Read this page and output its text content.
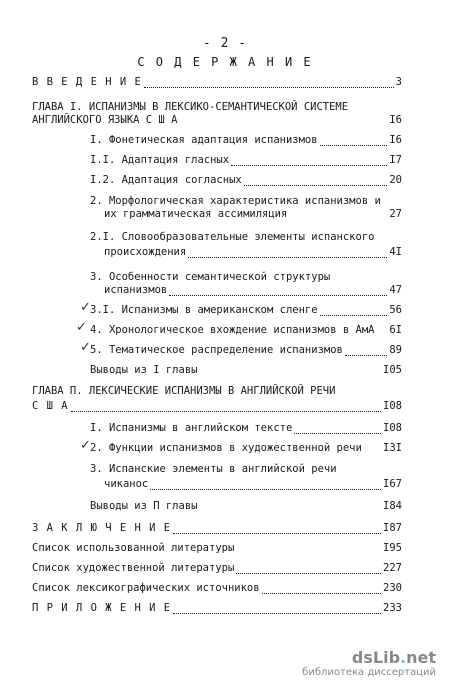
- 2 -
С О Д Е Р Ж А Н И Е
В В Е Д Е Н И Е	3
ГЛАВА I. ИСПАНИЗМЫ В ЛЕКСИКО-СЕМАНТИЧЕСКОЙ СИСТЕМЕ
АНГЛИЙСКОГО ЯЗЫКА С Ш А	I6
I. Фонетическая адаптация испанизмов	I6
I.I. Адаптация гласных	I7
I.2. Адаптация согласных	20
2. Морфологическая характеристика испанизмов и
их грамматическая ассимиляция	27
2.I. Словообразовательные элементы испанского
происхождения	4I
3. Особенности семантической структуры
испанизмов	47
3.I. Испанизмы в американском сленге	56
4. Хронологическое вхождение испанизмов в АмА 6I
5. Тематическое распределение испанизмов	89
Выводы из I главы	I05
ГЛАВА П. ЛЕКСИЧЕСКИЕ ИСПАНИЗМЫ В АНГЛИЙСКОЙ РЕЧИ
С Ш А	I08
I. Испанизмы в английском тексте	I08
2. Функции испанизмов в художественной речи I3I
3. Испанские элементы в английской речи
чиканос	I67
Выводы из П главы	I84
З А К Л Ю Ч Е Н И Е	I87
Список использованной литературы	I95
Список художественной литературы	227
Список лексикографических источников	230
П Р И Л О Ж Е Н И Е	233
✓
✓
✓
✓
dsLib.net
библиотека диссертаций
